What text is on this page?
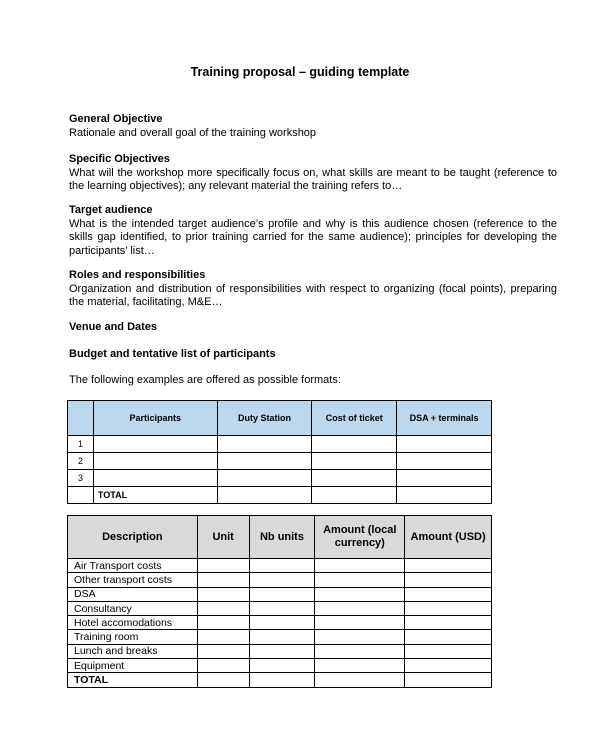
Training proposal – guiding template
General Objective
Rationale and overall goal of the training workshop
Specific Objectives
What will the workshop more specifically focus on, what skills are meant to be taught (reference to the learning objectives); any relevant material the training refers to…
Target audience
What is the intended target audience’s profile and why is this audience chosen (reference to the skills gap identified, to prior training carried for the same audience); principles for developing the participants’ list…
Roles and responsibilities
Organization and distribution of responsibilities with respect to organizing (focal points), preparing the material, facilitating, M&E…
Venue and Dates
Budget and tentative list of participants
The following examples are offered as possible formats:
	Participants	Duty Station	Cost of ticket	DSA + terminals
1				
2				
3				
	TOTAL			
Description	Unit	Nb units	Amount (local currency)	Amount (USD)
Air Transport costs				
Other transport costs				
DSA				
Consultancy				
Hotel accomodations				
Training room				
Lunch and breaks				
Equipment				
TOTAL				
